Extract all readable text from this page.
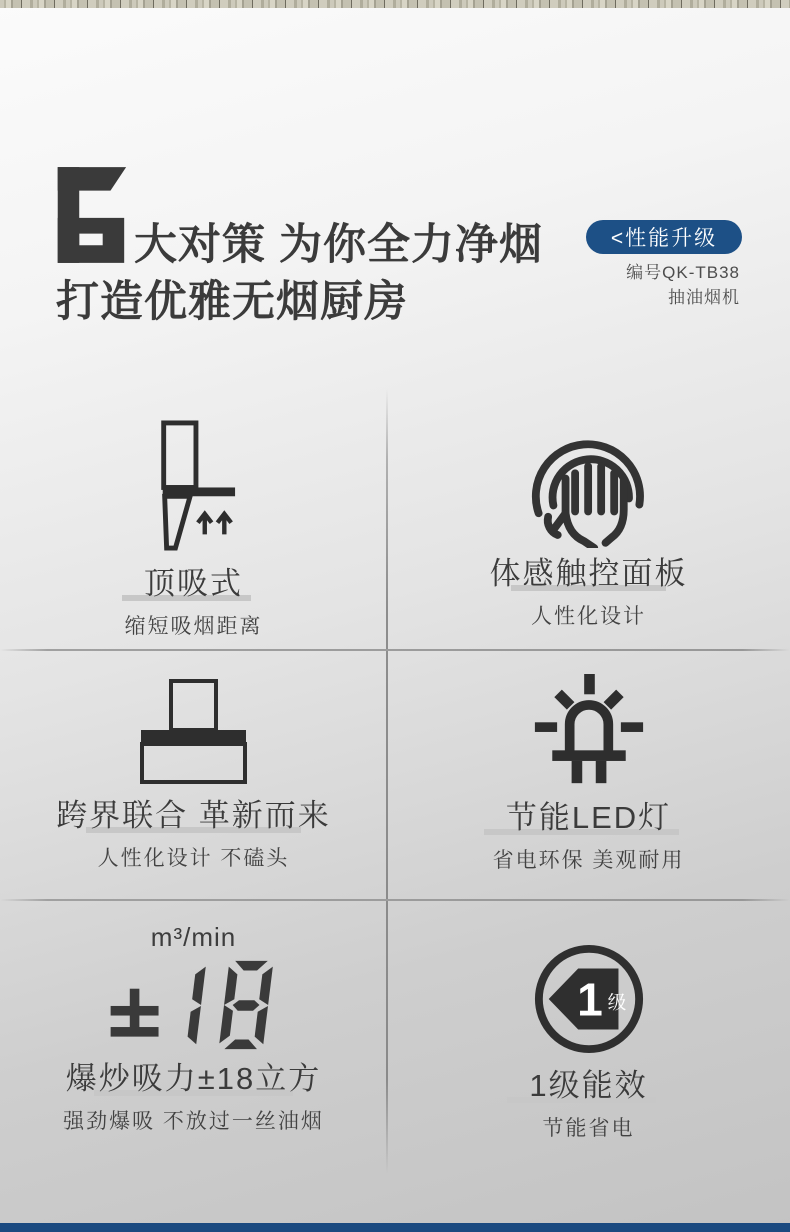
大对策 为你全力净烟
打造优雅无烟厨房
<性能升级
编号QK-TB38
抽油烟机
顶吸式
缩短吸烟距离
体感触控面板
人性化设计
跨界联合 革新而来
人性化设计 不磕头
节能LED灯
省电环保 美观耐用
m³/min
爆炒吸力±18立方
强劲爆吸 不放过一丝油烟
1 级
1级能效
节能省电
